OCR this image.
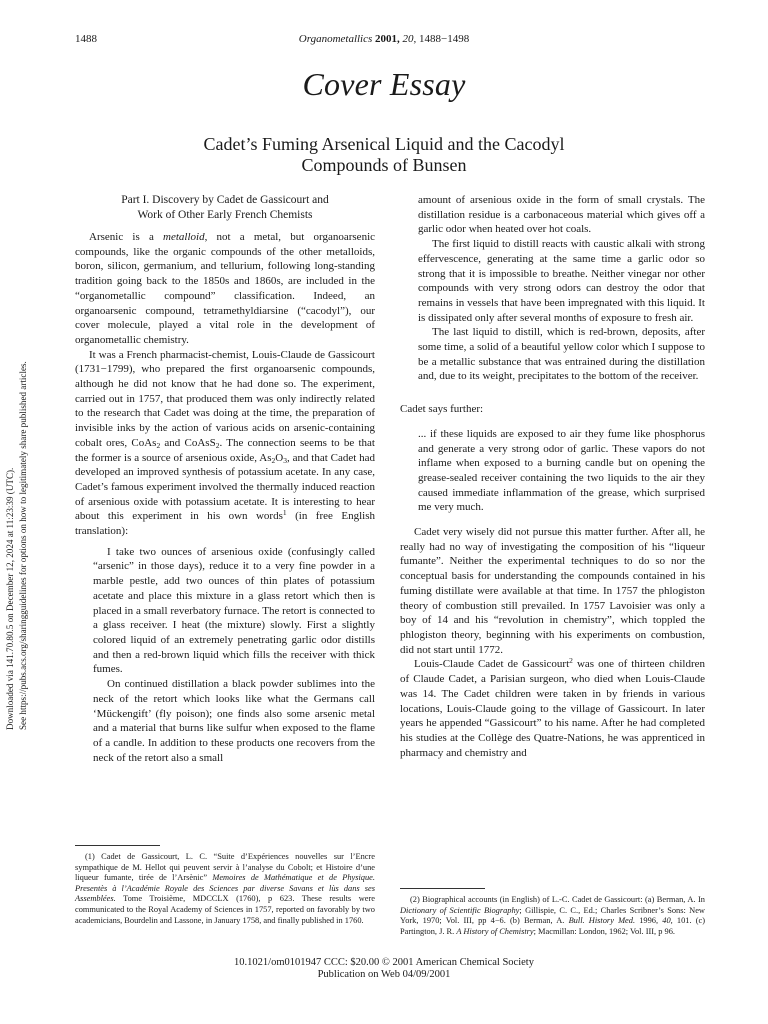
1488	Organometallics 2001, 20, 1488−1498
Cover Essay
Cadet’s Fuming Arsenical Liquid and the Cacodyl
Compounds of Bunsen
Downloaded via 141.70.80.5 on December 12, 2024 at 11:23:39 (UTC). See https://pubs.acs.org/sharingguidelines for options on how to legitimately share published articles.
Part I. Discovery by Cadet de Gassicourt and
Work of Other Early French Chemists

Arsenic is a metalloid, not a metal, but organoarsenic compounds, like the organic compounds of the other metalloids, boron, silicon, germanium, and tellurium, following long-standing tradition going back to the 1850s and 1860s, are included in the “organometallic compound” classification. Indeed, an organoarsenic compound, tetramethyldiarsine (“cacodyl”), our cover molecule, played a vital role in the development of organometallic chemistry.

It was a French pharmacist-chemist, Louis-Claude de Gassicourt (1731−1799), who prepared the first organoarsenic compounds, although he did not know that he had done so. The experiment, carried out in 1757, that produced them was only indirectly related to the research that Cadet was doing at the time, the preparation of invisible inks by the action of various acids on arsenic-containing cobalt ores, CoAs$_2$ and CoAsS$_2$. The connection seems to be that the former is a source of arsenious oxide, $As_2O_3$, and that Cadet had developed an improved synthesis of potassium acetate. In any case, Cadet’s famous experiment involved the thermally induced reaction of arsenious oxide with potassium acetate. It is interesting to hear about this experiment in his own words$^1$ (in free English translation):

I take two ounces of arsenious oxide (confusingly called “arsenic” in those days), reduce it to a very fine powder in a marble pestle, add two ounces of thin plates of potassium acetate and place this mixture in a glass retort which then is placed in a small reverbatory furnace. The retort is connected to a glass receiver. I heat (the mixture) slowly. First a slightly colored liquid of an extremely penetrating garlic odor distills and then a red-brown liquid which fills the receiver with thick fumes.

On continued distillation a black powder sublimes into the neck of the retort which looks like what the Germans call ‘Mückengift’ (fly poison); one finds also some arsenic metal and a material that burns like sulfur when exposed to the flame of a candle. In addition to these products one recovers from the neck of the retort also a small

(1) Cadet de Gassicourt, L. C. “Suite d’Expériences nouvelles sur l’Encre sympathique de M. Hellot qui peuvent servir à l’analyse du Cobolt; et Histoire d’une liqueur fumante, tirée de l’Arsènic” Memoires de Mathématique et de Physique. Presentès à l’Académie Royale des Sciences par diverse Savans et lùs dans ses Assemblées. Tome Troisième, MDCCLX (1760), p 623. These results were communicated to the Royal Academy of Sciences in 1757, reported on favorably by two academicians, Bourdelin and Lassone, in January 1758, and finally published in 1760.

amount of arsenious oxide in the form of small crystals. The distillation residue is a carbonaceous material which gives off a garlic odor when heated over hot coals.

The first liquid to distill reacts with caustic alkali with strong effervescence, generating at the same time a garlic odor so strong that it is impossible to breathe. Neither vinegar nor other compounds with very strong odors can destroy the odor that remains in vessels that have been impregnated with this liquid. It is dissipated only after several months of exposure to fresh air.

The last liquid to distill, which is red-brown, deposits, after some time, a solid of a beautiful yellow color which I suppose to be a metallic substance that was entrained during the distillation and, due to its weight, precipitates to the bottom of the receiver.

Cadet says further:

... if these liquids are exposed to air they fume like phosphorus and generate a very strong odor of garlic. These vapors do not inflame when exposed to a burning candle but on opening the grease-sealed receiver containing the two liquids to the air they caused immediate inflammation of the grease, which surprised me very much.

Cadet very wisely did not pursue this matter further. After all, he really had no way of investigating the composition of his “liqueur fumante”. Neither the experimental techniques to do so nor the conceptual basis for understanding the compounds contained in his fuming distillate were available at that time. In 1757 the phlogiston theory of combustion still prevailed. In 1757 Lavoisier was only a boy of 14 and his “revolution in chemistry”, which toppled the phlogiston theory, beginning with his experiments on combustion, did not start until 1772.

Louis-Claude Cadet de Gassicourt$^2$ was one of thirteen children of Claude Cadet, a Parisian surgeon, who died when Louis-Claude was 14. The Cadet children were taken in by friends in various locations, Louis-Claude going to the village of Gassicourt. In later years he appended “Gassicourt” to his name. After he had completed his studies at the Collège des Quatre-Nations, he was apprenticed in pharmacy and chemistry and

(2) Biographical accounts (in English) of L.-C. Cadet de Gassicourt: (a) Berman, A. In Dictionary of Scientific Biography; Gillispie, C. C., Ed.; Charles Scribner’s Sons: New York, 1970; Vol. III, pp 4−6. (b) Berman, A. Bull. History Med. 1996, 40, 101. (c) Partington, J. R. A History of Chemistry; Macmillan: London, 1962; Vol. III, p 96.
10.1021/om0101947 CCC: $20.00 © 2001 American Chemical Society
Publication on Web 04/09/2001
